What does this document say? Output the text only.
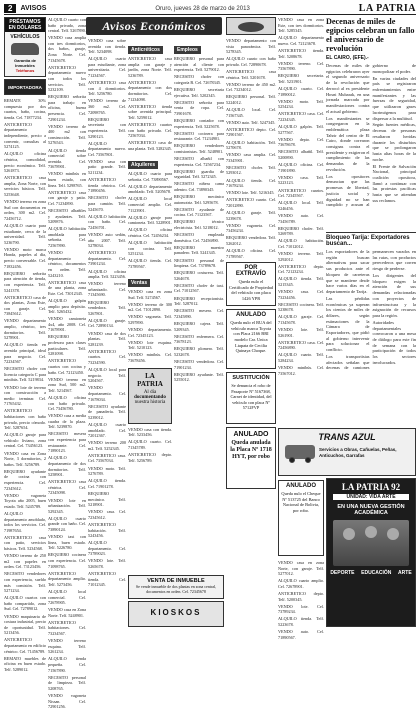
2	AVISOS	Oruro, jueves 28 de marzo de 2013	LA PATRIA
PRÉSTAMOS EN DÓLARES
VEHÍCULOS
Garantía de Inmuebles
Teléfonos
IMPORTADORA

REMATE 30% compuesta por dos cuartos, baño, cocina, tienda. Cel. 71877234.

ANTICRETICO departamento independiente, precio a convenir, consultas al 5274125.

ALQUILO oficina céntrica, comodidad, precio económico. Telf. 5261873.

ANTICRETICO casa amplia, Zona Norte, con servicios básicos. Telf. 5253648.

VENDO terreno en zona Sud con documentos en orden, 300 m2. Cel. 72456712.

ALQUILO cuarto para estudiante, cerca de la universidad. Telf. 5236790.

VENDO moto marca Honda, papeles al día, precio conversable. Cel. 71832456.

REQUIERO señorita para atención de tienda, con experiencia. Telf. 5241378.

ANTICRETICO casa de dos plantas, Zona Este, con garaje. Cel. 73845612.

VENDO departamento amplio, céntrico, tres dormitorios. Telf. 5278901.

ALQUILO tienda en avenida principal, ideal para negocio. Cel. 72234567.

NECESITO chofer con licencia categoría C para minibús. Telf. 5219834.

VENDO lote de terreno con construcción a medio terminar. Cel. 71765432.

ANTICRETICO habitaciones con baño privado, precio cómodo. Telf. 5287654.

ALQUILO garaje para vehículo liviano, zona central. Cel. 73456123.

VENDO casa en Zona Norte, 3 dormitorios, 2 baños. Telf. 5256789.

REQUIERO ayudante de cocina con experiencia. Cel. 72345612.

VENDO vagoneta Toyota año 2005, buen estado. Telf. 5245789.

ALQUILO departamento amoblado, todos los servicios. Cel. 71987654.

ANTICRETICO casa con patio, servicios básicos. Telf. 5234568.

VENDO terreno de 250 m2 con papeles en orden. Cel. 73123456.

NECESITO vendedores con experiencia, sueldo más comisión. Telf. 5271234.

ALQUILO cuartos con baño compartido, zona Sud. Cel. 72789012.

VENDO maquinaria de costura industrial, precio de oportunidad. Telf. 5213456.

ANTICRETICO departamento en edificio céntrico. Cel. 71456789.

REMATO muebles de oficina en buen estado. Telf. 5289012.

Avisos Económicos

ALQUILO cuarto con baño privado, zona central. Telf. 5267890.

VENDO casa amplia con tres dormitorios, dos baños, garaje, Zona Norte. Cel. 71345678.

ANTICRETICO departamento nuevo con todos los servicios. Telf. 5232109.

REQUIERO señorita para trabajo en oficina, buena presencia. Cel. 72901234.

VENDO terreno de 400 m2 con construcción. Telf. 5276543.

ALQUILO tienda comercial sobre avenida. Cel. 73678901.

VENDO minibús en buen estado, con línea. Telf. 5298765.

ANTICRETICO casa con garaje y patio. Cel. 71234890.

NECESITO albañiles y ayudantes. Telf. 5209876.

ALQUILO habitación amoblada para señorita. Cel. 72567890.

VENDO departamento céntrico, documentos en orden. Telf. 5243210.

ANTICRETICO casa de una planta, zona Este. Cel. 73012345.

ALQUILO galpón amplio para depósito. Telf. 5265432.

VENDO camioneta 4x4, año 2008. Cel. 71678901.

REQUIERO profesora para clases particulares. Telf. 5281098.

ANTICRETICO cuartos con cocina y baño. Cel. 72123450.

VENDO terreno en zona Sud, 500 m2. Telf. 5214567.

ALQUILO oficina con baño privado. Cel. 73456780.

VENDO casa a media cuadra de la plaza. Telf. 5239870.

NECESITO mesera con experiencia para restaurante. Cel. 71890123.

ALQUILO departamento de dos dormitorios. Telf. 5258901.

ANTICRETICO casa céntrica. Cel. 72345098.

VENDO lote en urbanización. Telf. 5292345.

ALQUILO cuarto grande con baño. Cel. 73890124.

VENDO taxi con línea, buen estado. Telf. 5226780.

REQUIERO cocinera con experiencia. Cel. 71098765.

ANTICRETICO departamento amplio. Telf. 5273456.

ALQUILO local comercial. Cel. 72678905.

VENDO casa en Zona Norte. Telf. 5248901.

ANTICRETICO habitaciones. Cel. 73234567.

VENDO terreno esquina. Telf. 5261234.

ALQUILO tienda pequeña. Cel. 71567890.

NECESITO personal de limpieza. Telf. 5208765.

VENDO vagoneta Nissan. Cel. 72901256.

VENDO casa sobre avenida con tienda. Telf. 5234098.

ALQUILO cuarto para estudiante, zona universitaria. Cel. 71234567.

ANTICRETICO casa con 4 dormitorios. Telf. 5256780.

VENDO terreno de 360 m2. Cel. 72098765.

REQUIERO secretaria con experiencia. Telf. 5290123.

ALQUILO departamento nuevo. Cel. 73567801.

VENDO casa con patio grande. Telf. 5211234.

ANTICRETICO tienda céntrica. Cel. 71890456.

NECESITO chofer para camión. Telf. 5245670.

ALQUILO habitación con baño. Cel. 72456701.

VENDO auto sedán, año 2007. Telf. 5278034.

ANTICRETICO departamento. Cel. 73901234.

ALQUILO oficina amplia. Telf. 5223456.

VENDO terreno urbanizado. Cel. 71345690.

REQUIERO vendedora. Telf. 5267801.

ALQUILO garaje. Cel. 72890134.

VENDO casa de dos plantas. Telf. 5281239.

ANTICRETICO cuartos. Cel. 73234590.

ALQUILO local para negocio. Telf. 5204567.

VENDO departamento. Cel. 71678034.

NECESITO ayudante de panadería. Telf. 5239012.

ALQUILO cuarto amoblado. Cel. 72012367.

VENDO terreno 200 m2. Telf. 5252345.

ANTICRETICO casa. Cel. 73567034.

VENDO moto. Telf. 5276789.

ALQUILO tienda. Cel. 71901278.

REQUIERO mecánico. Telf. 5218901.

VENDO casa. Cel. 72345612.

ANTICRETICO habitación. Telf. 5243456.

ALQUILO departamento. Cel. 73789023.

VENDO lote. Telf. 5265678.

ANTICRETICO tienda. Cel. 71012345.

Anticréticos

ANTICRETICO casa amplia con garaje y jardín, zona Norte. Telf. 5236789.

ANTICRETICO departamento con dos dormitorios. Cel. 71234098.

ANTICRETICO tienda sobre avenida principal. Telf. 5259012.

ANTICRETICO cuartos con baño privado. Cel. 72567034.

ANTICRETICO casa de una planta. Telf. 5282345.

Alquileres

ALQUILO cuarto para señorita. Cel. 73890567.

ALQUILO departamento amoblado. Telf. 5205678.

ALQUILO local comercial amplio. Cel. 71123901.

ALQUILO garaje para camioneta. Telf. 5228901.

ALQUILO oficina céntrica. Cel. 72456234.

ALQUILO habitación con cocina. Telf. 5251234.

ALQUILO tienda. Cel. 73789567.

Ventas

VENDO casa en zona Sud. Telf. 5274567.

VENDO terreno de 300 m2. Cel. 71012890.

VENDO vagoneta. Telf. 5297890.

VENDO departamento. Cel. 72345123.

VENDO lote esquina. Telf. 5210123.

VENDO minibús. Cel. 73678456.

LA PATRIA
Al día
documentando
nuestra historia

VENDO casa con tienda. Telf. 5233456.

ALQUILO cuarto. Cel. 71345789.

ANTICRETICO depto. Telf. 5256789.

Empleos

REQUIERO personal para atención al cliente con experiencia. Telf. 5279012.

NECESITO chofer con categoría B. Cel. 72678345.

REQUIERO secretaria ejecutiva. Telf. 5202345.

NECESITO señorita para venta de ropa. Cel. 73901678.

REQUIERO contador con experiencia. Telf. 5225678.

NECESITO cocinera para restaurante. Cel. 71234901.

REQUIERO vendedores comisionistas. Telf. 5248901.

NECESITO albañil con experiencia. Cel. 72567234.

REQUIERO guardia de seguridad. Telf. 5272345.

NECESITO niñera cama adentro. Cel. 73890345.

REQUIERO mecánico automotriz. Telf. 5295678.

NECESITO ayudante de cocina. Cel. 71123567.

REQUIERO técnico electricista. Telf. 5218012.

NECESITO empleada doméstica. Cel. 72456890.

REQUIERO maestro panadero. Telf. 5241345.

NECESITO personal de limpieza. Cel. 73789678.

REQUIERO costurera. Telf. 5264678.

NECESITO chofer de taxi. Cel. 71012567.

REQUIERO recepcionista. Telf. 5287012.

NECESITO mesero. Cel. 72345890.

REQUIERO cajera. Telf. 5209345.

NECESITO enfermera. Cel. 73678123.

REQUIERO plomero. Telf. 5232678.

NECESITO vendedora. Cel. 71901234.

REQUIERO ayudante. Telf. 5255012.

VENTA DE INMUEBLE

Se vende inmueble de dos plantas en zona central, documentos en orden. Cel. 72345678

KIOSKOS

VENDO departamento con vista panorámica. Telf. 5278345.

ALQUILO cuarto con baño privado. Cel. 72890678.

ANTICRETICO casa céntrica. Telf. 5201678.

VENDO terreno de 450 m2. Cel. 73234012.

REQUIERO personal. Telf. 5224012.

ALQUILO local. Cel. 71567345.

VENDO auto. Telf. 5247345.

ANTICRETICO depto. Cel. 72901567.

ALQUILO habitación. Telf. 5270678.

VENDO casa amplia. Cel. 73345901.

NECESITO chofer. Telf. 5293012.

ALQUILO tienda. Cel. 71678234.

VENDO lote. Telf. 5216345.

ANTICRETICO cuarto. Cel. 72012890.

ALQUILO garaje. Telf. 5239678.

VENDO vagoneta. Cel. 73456234.

REQUIERO vendedora. Telf. 5262012.

ALQUILO oficina. Cel. 71789567.

POR EXTRAVÍO
Queda nulo el Certificado de Propiedad del vehículo con placa 1426 YPR
ANULADO
Queda nulo el RUA del vehículo marca Toyota con Placa 2166 BRI modelo Car. Unica Ltapata de Cecilia Quinaya Choque.
SUSTITUCIÓN
Se denuncia el robo de Pasaporte Nº 5167368, Carnet de identidad, del vehículo con placa Nº 5712FVP
ANULADO
Queda anulada la Placa Nº 1718 HYT, por robo

VENDO casa en zona Este, con tres dormitorios. Telf. 5285345.

ALQUILO departamento nuevo. Cel. 72123678.

ANTICRETICO tienda. Telf. 5208678.

VENDO terreno. Cel. 73567890.

REQUIERO secretaria. Telf. 5231901.

ALQUILO cuarto. Cel. 71890012.

VENDO moto. Telf. 5254234.

ANTICRETICO casa. Cel. 72234345.

ALQUILO galpón. Telf. 5277567.

VENDO depto. Cel. 73678678.

NECESITO albañil. Telf. 5200890.

ALQUILO oficina. Cel. 71901890.

VENDO casa. Telf. 5223123.

ANTICRETICO cuartos. Cel. 72345567.

ALQUILO local. Telf. 5246456.

VENDO auto. Cel. 73456789.

REQUIERO chofer. Telf. 5269789.

ALQUILO habitación. Cel. 71012012.

VENDO terreno. Telf. 5292012.

ANTICRETICO depto. Cel. 72123234.

ALQUILO tienda. Telf. 5215345.

VENDO casa. Cel. 73234456.

NECESITO cocinera. Telf. 5238678.

ALQUILO garaje. Cel. 71345678.

VENDO lote. Telf. 5261901.

ANTICRETICO casa. Cel. 72456890.

ALQUILO cuarto. Telf. 5284234.

VENDO minibús. Cel. 73567012.

Decenas de miles de egipcios celebran un fallo el aniversario de revolución
EL CAIRO, (EFE).-

Decenas de miles de egipcios celebraron ayer el segundo aniversario de la revolución que derrocó al ex presidente Hosni Mubarak, en una jornada marcada por manifestaciones contra el actual gobierno.

Los manifestantes se congregaron en la emblemática plaza Tahrir del centro de El Cairo, donde corearon consignas contra el presidente y exigieron el cumplimiento de las demandas de la revolución.

Los opositores denuncian que las promesas de libertad, justicia social y dignidad no se han cumplido y acusan al gobierno de monopolizar el poder.

En varias ciudades del país se registraron enfrentamientos entre manifestantes y las fuerzas de seguridad, que utilizaron gases lacrimógenos para dispersar a la multitud.

Según fuentes médicas, decenas de personas resultaron heridas durante los disturbios que se prolongaron hasta altas horas de la noche.

El Frente de Salvación Nacional, principal coalición opositora, llamó a continuar con las protestas pacíficas hasta que se atiendan sus reclamos.

Bloqueo Tarija: Exportadores buscan...

Los exportadores de la región buscan alternativas para sacar sus productos ante el bloqueo de carreteras que se mantiene desde hace varios días en el departamento de Tarija.

Las pérdidas económicas ya superan los cientos de miles de dólares, según estimaciones de la Cámara de Exportadores, que pidió al gobierno intervenir para solucionar el conflicto.

Los transportistas afectados señalan que decenas de camiones permanecen varados en las rutas, con productos perecederos que corren riesgo de perderse.

Los dirigentes del bloqueo exigen la atención de sus demandas relacionadas con proyectos de infraestructura y la asignación de recursos para la región.

Autoridades departamentales convocaron a una mesa de diálogo para este fin de semana con la participación de todos los sectores involucrados.

TRANS AZUL
Servicios a Obras, Cañuelas, Peñas, Anticuchos, Garrafas
LA PATRIA 92
UNIDAD: VIDA ARTE
EN UNA NUEVA GESTIÓN ACADÉMICA
DEPORTE EDUCACIÓN ARTE
ANULADO
Queda nulo el Cheque Nº 513725 del Banco Nacional de Bolivia, por robo.

VENDO casa en zona Norte, con garaje. Telf. 5277012.

ALQUILO cuarto amplio. Cel. 72678901.

ANTICRETICO depto. Telf. 5200345.

VENDO lote. Cel. 73789234.

ALQUILO tienda. Telf. 5223678.

VENDO auto. Cel. 71890567.
